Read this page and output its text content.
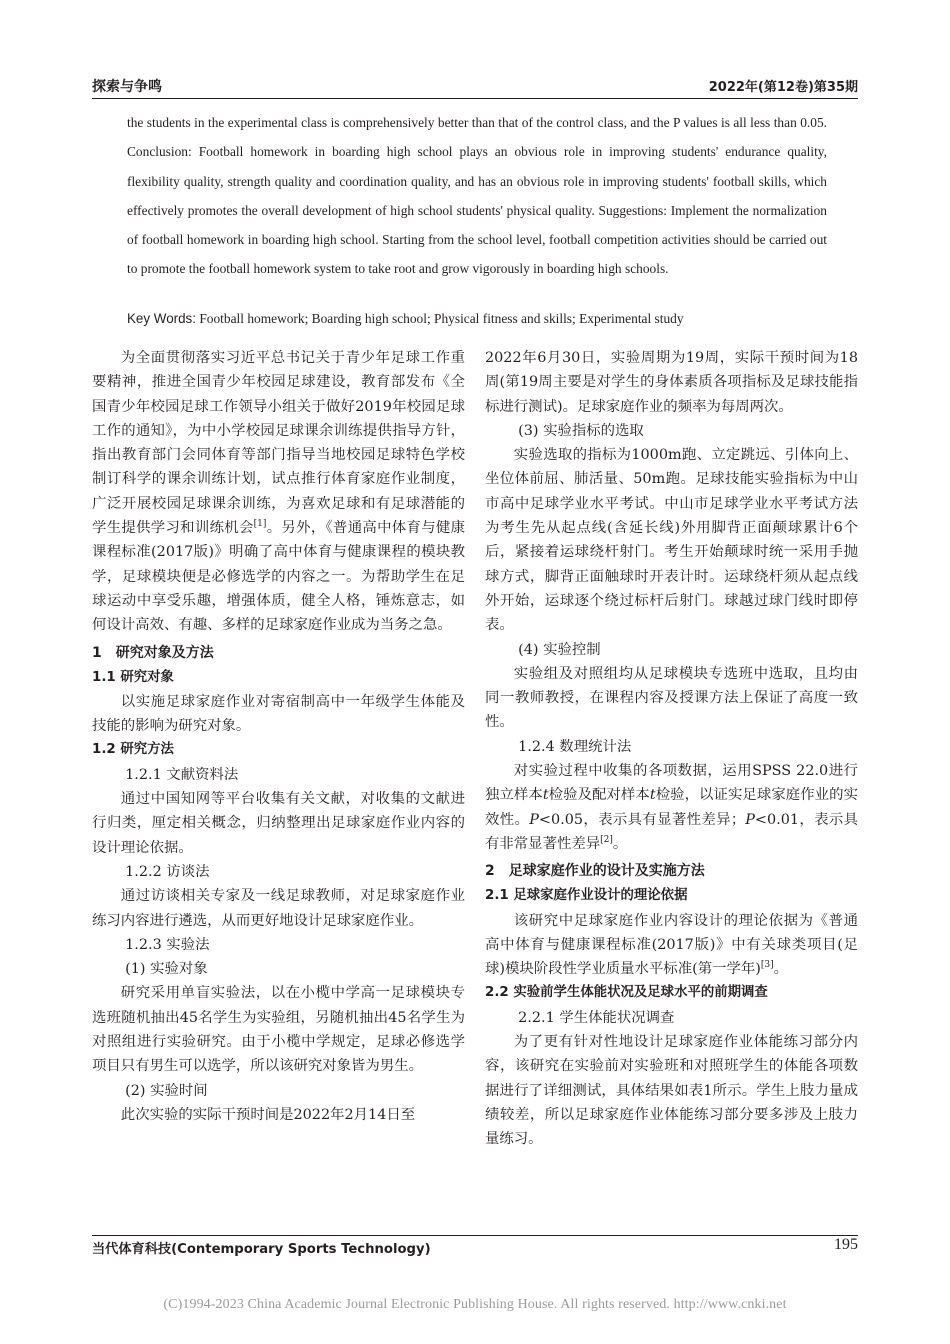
探索与争鸣	2022年(第12卷)第35期

the students in the experimental class is comprehensively better than that of the control class, and the P values is all less than 0.05. Conclusion: Football homework in boarding high school plays an obvious role in improving students' endurance quality, flexibility quality, strength quality and coordination quality, and has an obvious role in improving students' football skills, which effectively promotes the overall development of high school students' physical quality. Suggestions: Implement the normalization of football homework in boarding high school. Starting from the school level, football competition activities should be carried out to promote the football homework system to take root and grow vigorously in boarding high schools.

Key Words: Football homework; Boarding high school; Physical fitness and skills; Experimental study

为全面贯彻落实习近平总书记关于青少年足球工作重要精神，推进全国青少年校园足球建设，教育部发布《全国青少年校园足球工作领导小组关于做好2019年校园足球工作的通知》，为中小学校园足球课余训练提供指导方针，指出教育部门会同体育等部门指导当地校园足球特色学校制订科学的课余训练计划，试点推行体育家庭作业制度，广泛开展校园足球课余训练，为喜欢足球和有足球潜能的学生提供学习和训练机会[1]。另外，《普通高中体育与健康课程标准(2017版)》明确了高中体育与健康课程的模块教学，足球模块便是必修选学的内容之一。为帮助学生在足球运动中享受乐趣，增强体质，健全人格，锤炼意志，如何设计高效、有趣、多样的足球家庭作业成为当务之急。

1　研究对象及方法

1.1 研究对象

以实施足球家庭作业对寄宿制高中一年级学生体能及技能的影响为研究对象。

1.2 研究方法

1.2.1 文献资料法

通过中国知网等平台收集有关文献，对收集的文献进行归类，厘定相关概念，归纳整理出足球家庭作业内容的设计理论依据。

1.2.2 访谈法

通过访谈相关专家及一线足球教师，对足球家庭作业练习内容进行遴选，从而更好地设计足球家庭作业。

1.2.3 实验法

(1) 实验对象

研究采用单盲实验法，以在小榄中学高一足球模块专选班随机抽出45名学生为实验组，另随机抽出45名学生为对照组进行实验研究。由于小榄中学规定，足球必修选学项目只有男生可以选学，所以该研究对象皆为男生。

(2) 实验时间

此次实验的实际干预时间是2022年2月14日至

2022年6月30日，实验周期为19周，实际干预时间为18周(第19周主要是对学生的身体素质各项指标及足球技能指标进行测试)。足球家庭作业的频率为每周两次。

(3) 实验指标的选取

实验选取的指标为1000m跑、立定跳远、引体向上、坐位体前屈、肺活量、50m跑。足球技能实验指标为中山市高中足球学业水平考试。中山市足球学业水平考试方法为考生先从起点线(含延长线)外用脚背正面颠球累计6个后，紧接着运球绕杆射门。考生开始颠球时统一采用手抛球方式，脚背正面触球时开表计时。运球绕杆须从起点线外开始，运球逐个绕过标杆后射门。球越过球门线时即停表。

(4) 实验控制

实验组及对照组均从足球模块专选班中选取，且均由同一教师教授，在课程内容及授课方法上保证了高度一致性。

1.2.4 数理统计法

对实验过程中收集的各项数据，运用SPSS 22.0进行独立样本t检验及配对样本t检验，以证实足球家庭作业的实效性。P<0.05，表示具有显著性差异；P<0.01，表示具有非常显著性差异[2]。

2　足球家庭作业的设计及实施方法

2.1 足球家庭作业设计的理论依据

该研究中足球家庭作业内容设计的理论依据为《普通高中体育与健康课程标准(2017版)》中有关球类项目(足球)模块阶段性学业质量水平标准(第一学年)[3]。

2.2 实验前学生体能状况及足球水平的前期调查

2.2.1 学生体能状况调查

为了更有针对性地设计足球家庭作业体能练习部分内容，该研究在实验前对实验班和对照班学生的体能各项数据进行了详细测试，具体结果如表1所示。学生上肢力量成绩较差，所以足球家庭作业体能练习部分要多涉及上肢力量练习。

当代体育科技(Contemporary Sports Technology)	195
(C)1994-2023 China Academic Journal Electronic Publishing House. All rights reserved. http://www.cnki.net
